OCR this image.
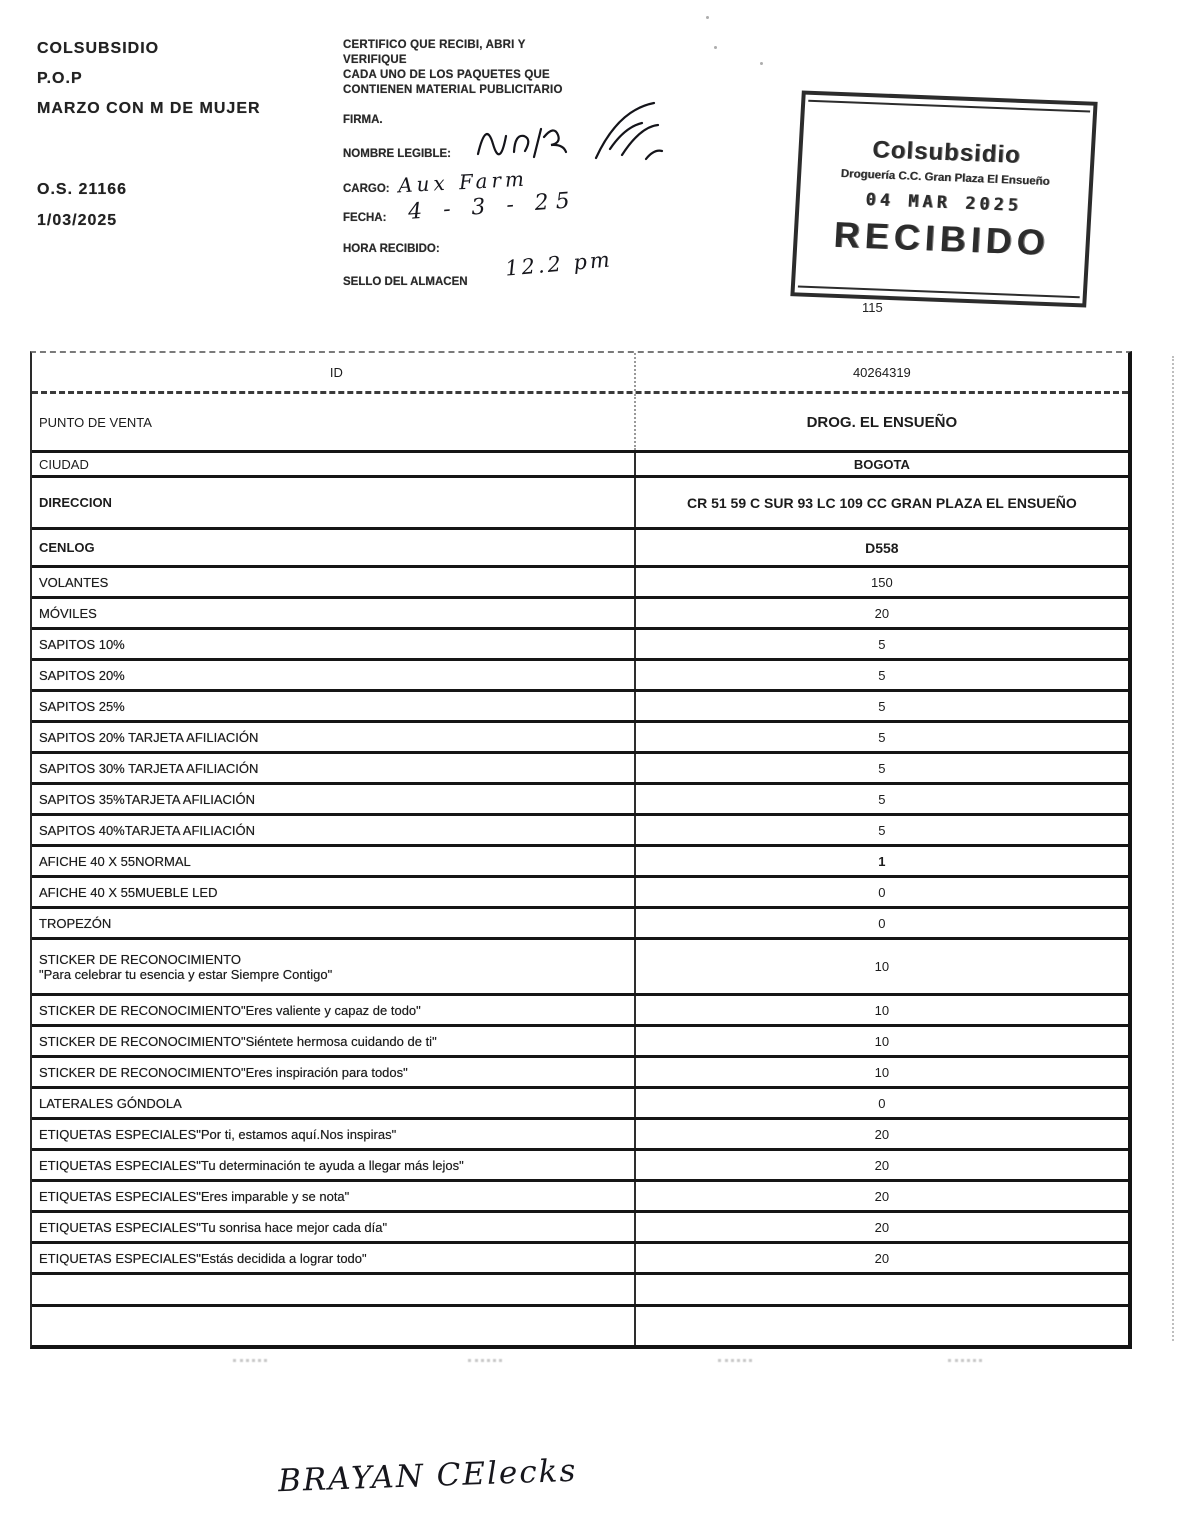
COLSUBSIDIO
P.O.P
MARZO CON M DE MUJER
O.S. 21166
1/03/2025
CERTIFICO QUE RECIBI, ABRI Y
VERIFIQUE
CADA UNO DE LOS PAQUETES QUE
CONTIENEN MATERIAL PUBLICITARIO
FIRMA.
NOMBRE LEGIBLE:
CARGO:
FECHA:
HORA RECIBIDO:
SELLO DEL ALMACEN
Aux Farm
4 - 3 - 25
12.2 pm
Colsubsidio
Droguería C.C. Gran Plaza El Ensueño
04 MAR 2025
RECIBIDO
115
ID	40264319
PUNTO DE VENTA	DROG. EL ENSUEÑO
CIUDAD	BOGOTA
DIRECCION	CR 51 59 C SUR 93 LC 109 CC GRAN PLAZA EL ENSUEÑO
CENLOG	D558
VOLANTES	150
MÓVILES	20
SAPITOS 10%	5
SAPITOS 20%	5
SAPITOS 25%	5
SAPITOS 20% TARJETA AFILIACIÓN	5
SAPITOS 30% TARJETA AFILIACIÓN	5
SAPITOS 35%TARJETA AFILIACIÓN	5
SAPITOS 40%TARJETA AFILIACIÓN	5
AFICHE 40 X 55NORMAL	1
AFICHE 40 X 55MUEBLE LED	0
TROPEZÓN	0
STICKER DE RECONOCIMIENTO
"Para celebrar tu esencia y estar Siempre Contigo"	10
STICKER DE RECONOCIMIENTO"Eres valiente y capaz de todo"	10
STICKER DE RECONOCIMIENTO"Siéntete hermosa cuidando de ti"	10
STICKER DE RECONOCIMIENTO"Eres inspiración para todos"	10
LATERALES GÓNDOLA	0
ETIQUETAS ESPECIALES"Por ti, estamos aquí.Nos inspiras"	20
ETIQUETAS ESPECIALES"Tu determinación te ayuda a llegar más lejos"	20
ETIQUETAS ESPECIALES"Eres imparable y se nota"	20
ETIQUETAS ESPECIALES"Tu sonrisa hace mejor cada día"	20
ETIQUETAS ESPECIALES"Estás decidida a lograr todo"	20
BRAYAN CElecks
